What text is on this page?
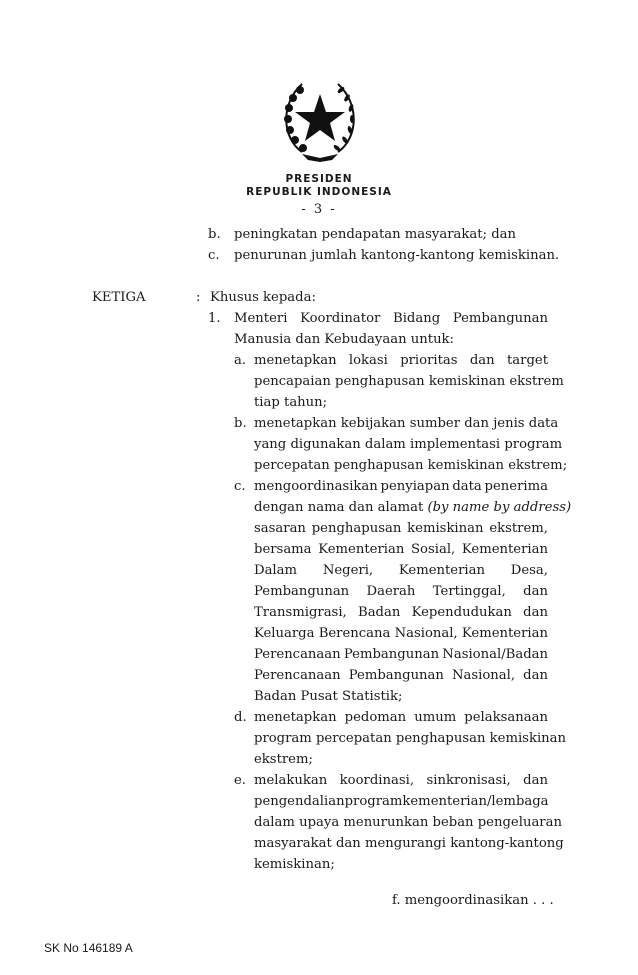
PRESIDEN
REPUBLIK INDONESIA
- 3 -
b. peningkatan pendapatan masyarakat; dan
c. penurunan jumlah kantong-kantong kemiskinan.
KETIGA	: Khusus kepada:
1. Menteri Koordinator Bidang Pembangunan
Manusia dan Kebudayaan untuk:
a. menetapkan lokasi prioritas dan target
pencapaian penghapusan kemiskinan ekstrem
tiap tahun;
b. menetapkan kebijakan sumber dan jenis data
yang digunakan dalam implementasi program
percepatan penghapusan kemiskinan ekstrem;
c. mengoordinasikan penyiapan data penerima
dengan nama dan alamat (by name by address)
sasaran penghapusan kemiskinan ekstrem,
bersama Kementerian Sosial, Kementerian
Dalam Negeri, Kementerian Desa,
Pembangunan Daerah Tertinggal, dan
Transmigrasi, Badan Kependudukan dan
Keluarga Berencana Nasional, Kementerian
Perencanaan Pembangunan Nasional/Badan
Perencanaan Pembangunan Nasional, dan
Badan Pusat Statistik;
d. menetapkan pedoman umum pelaksanaan
program percepatan penghapusan kemiskinan
ekstrem;
e. melakukan koordinasi, sinkronisasi, dan
pengendalian program kementerian/lembaga
dalam upaya menurunkan beban pengeluaran
masyarakat dan mengurangi kantong-kantong
kemiskinan;
f. mengoordinasikan . . .
SK No 146189 A
